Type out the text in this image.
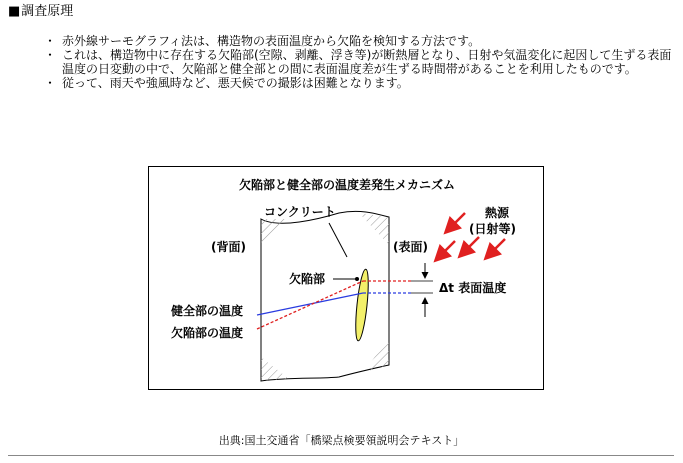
■調査原理
・ 赤外線サーモグラフィ法は、構造物の表面温度から欠陥を検知する方法です。
・ これは、構造物中に存在する欠陥部(空隙、剥離、浮き等)が断熱層となり、日射や気温変化に起因して生ずる表面温度の日変動の中で、欠陥部と健全部との間に表面温度差が生ずる時間帯があることを利用したものです。
・ 従って、雨天や強風時など、悪天候での撮影は困難となります。
欠陥部と健全部の温度差発生メカニズム
コンクリート
(背面)	(表面)
熱源
(日射等)
欠陥部
Δt 表面温度
健全部の温度
欠陥部の温度
出典:国土交通省「橋梁点検要領説明会テキスト」
